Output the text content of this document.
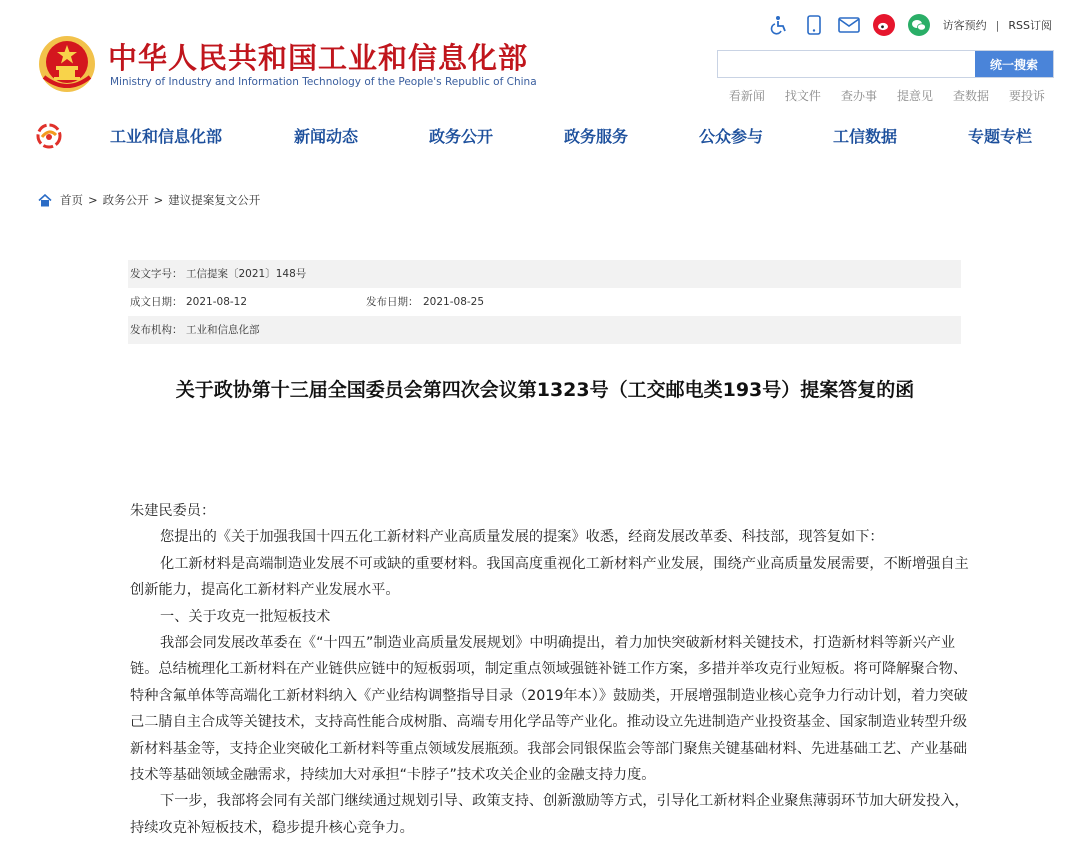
中华人民共和国工业和信息化部
Ministry of Industry and Information Technology of the People's Republic of China
访客预约 | RSS订阅
统一搜索
看新闻 找文件 查办事 提意见 查数据 要投诉
工业和信息化部	新闻动态	政务公开	政务服务	公众参与	工信数据	专题专栏
首页 > 政务公开 > 建议提案复文公开
发文字号： 工信提案〔2021〕148号
成文日期： 2021-08-12	发布日期： 2021-08-25
发布机构： 工业和信息化部
关于政协第十三届全国委员会第四次会议第1323号（工交邮电类193号）提案答复的函

朱建民委员：

您提出的《关于加强我国十四五化工新材料产业高质量发展的提案》收悉，经商发展改革委、科技部，现答复如下：

化工新材料是高端制造业发展不可或缺的重要材料。我国高度重视化工新材料产业发展，围绕产业高质量发展需要，不断增强自主创新能力，提高化工新材料产业发展水平。

一、关于攻克一批短板技术

我部会同发展改革委在《“十四五”制造业高质量发展规划》中明确提出，着力加快突破新材料关键技术，打造新材料等新兴产业链。总结梳理化工新材料在产业链供应链中的短板弱项，制定重点领域强链补链工作方案，多措并举攻克行业短板。将可降解聚合物、特种含氟单体等高端化工新材料纳入《产业结构调整指导目录（2019年本）》鼓励类，开展增强制造业核心竞争力行动计划，着力突破己二腈自主合成等关键技术，支持高性能合成树脂、高端专用化学品等产业化。推动设立先进制造产业投资基金、国家制造业转型升级新材料基金等，支持企业突破化工新材料等重点领域发展瓶颈。我部会同银保监会等部门聚焦关键基础材料、先进基础工艺、产业基础技术等基础领域金融需求，持续加大对承担“卡脖子”技术攻关企业的金融支持力度。

下一步，我部将会同有关部门继续通过规划引导、政策支持、创新激励等方式，引导化工新材料企业聚焦薄弱环节加大研发投入，持续攻克补短板技术，稳步提升核心竞争力。
